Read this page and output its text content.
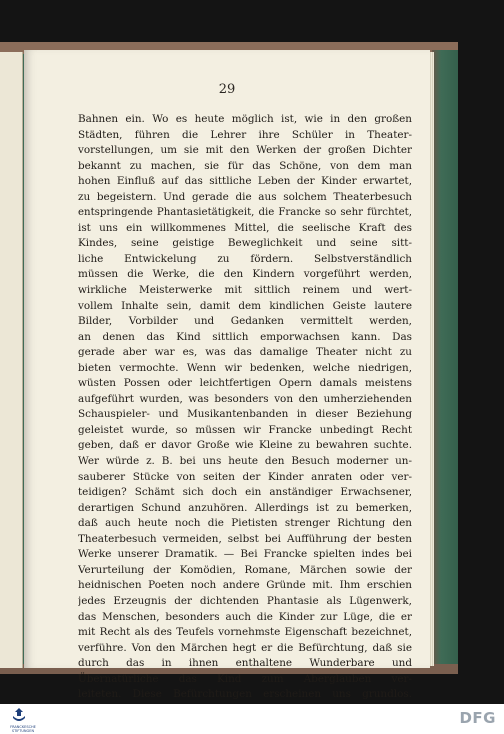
29
Bahnen ein. Wo es heute möglich ist, wie in den großen
Städten, führen die Lehrer ihre Schüler in Theater-
vorstellungen, um sie mit den Werken der großen Dichter
bekannt zu machen, sie für das Schöne, von dem man
hohen Einfluß auf das sittliche Leben der Kinder erwartet,
zu begeistern. Und gerade die aus solchem Theaterbesuch
entspringende Phantasietätigkeit, die Francke so sehr fürchtet,
ist uns ein willkommenes Mittel, die seelische Kraft des
Kindes, seine geistige Beweglichkeit und seine sitt-
liche Entwickelung zu fördern. Selbstverständlich
müssen die Werke, die den Kindern vorgeführt werden,
wirkliche Meisterwerke mit sittlich reinem und wert-
vollem Inhalte sein, damit dem kindlichen Geiste lautere
Bilder, Vorbilder und Gedanken vermittelt werden,
an denen das Kind sittlich emporwachsen kann. Das
gerade aber war es, was das damalige Theater nicht zu
bieten vermochte. Wenn wir bedenken, welche niedrigen,
wüsten Possen oder leichtfertigen Opern damals meistens
aufgeführt wurden, was besonders von den umherziehenden
Schauspieler- und Musikantenbanden in dieser Beziehung
geleistet wurde, so müssen wir Francke unbedingt Recht
geben, daß er davor Große wie Kleine zu bewahren suchte.
Wer würde z. B. bei uns heute den Besuch moderner un-
sauberer Stücke von seiten der Kinder anraten oder ver-
teidigen? Schämt sich doch ein anständiger Erwachsener,
derartigen Schund anzuhören. Allerdings ist zu bemerken,
daß auch heute noch die Pietisten strenger Richtung den
Theaterbesuch vermeiden, selbst bei Aufführung der besten
Werke unserer Dramatik. — Bei Francke spielten indes bei
Verurteilung der Komödien, Romane, Märchen sowie der
heidnischen Poeten noch andere Gründe mit. Ihm erschien
jedes Erzeugnis der dichtenden Phantasie als Lügenwerk,
das Menschen, besonders auch die Kinder zur Lüge, die er
mit Recht als des Teufels vornehmste Eigenschaft bezeichnet,
verführe. Von den Märchen hegt er die Befürchtung, daß sie
durch das in ihnen enthaltene Wunderbare und
Übernatürliche das Kind zum Aberglauben ver-
leiteten. Diese Befürchtungen erscheinen uns grundlos.
FRANCKESCHE STIFTUNGEN
DFG
